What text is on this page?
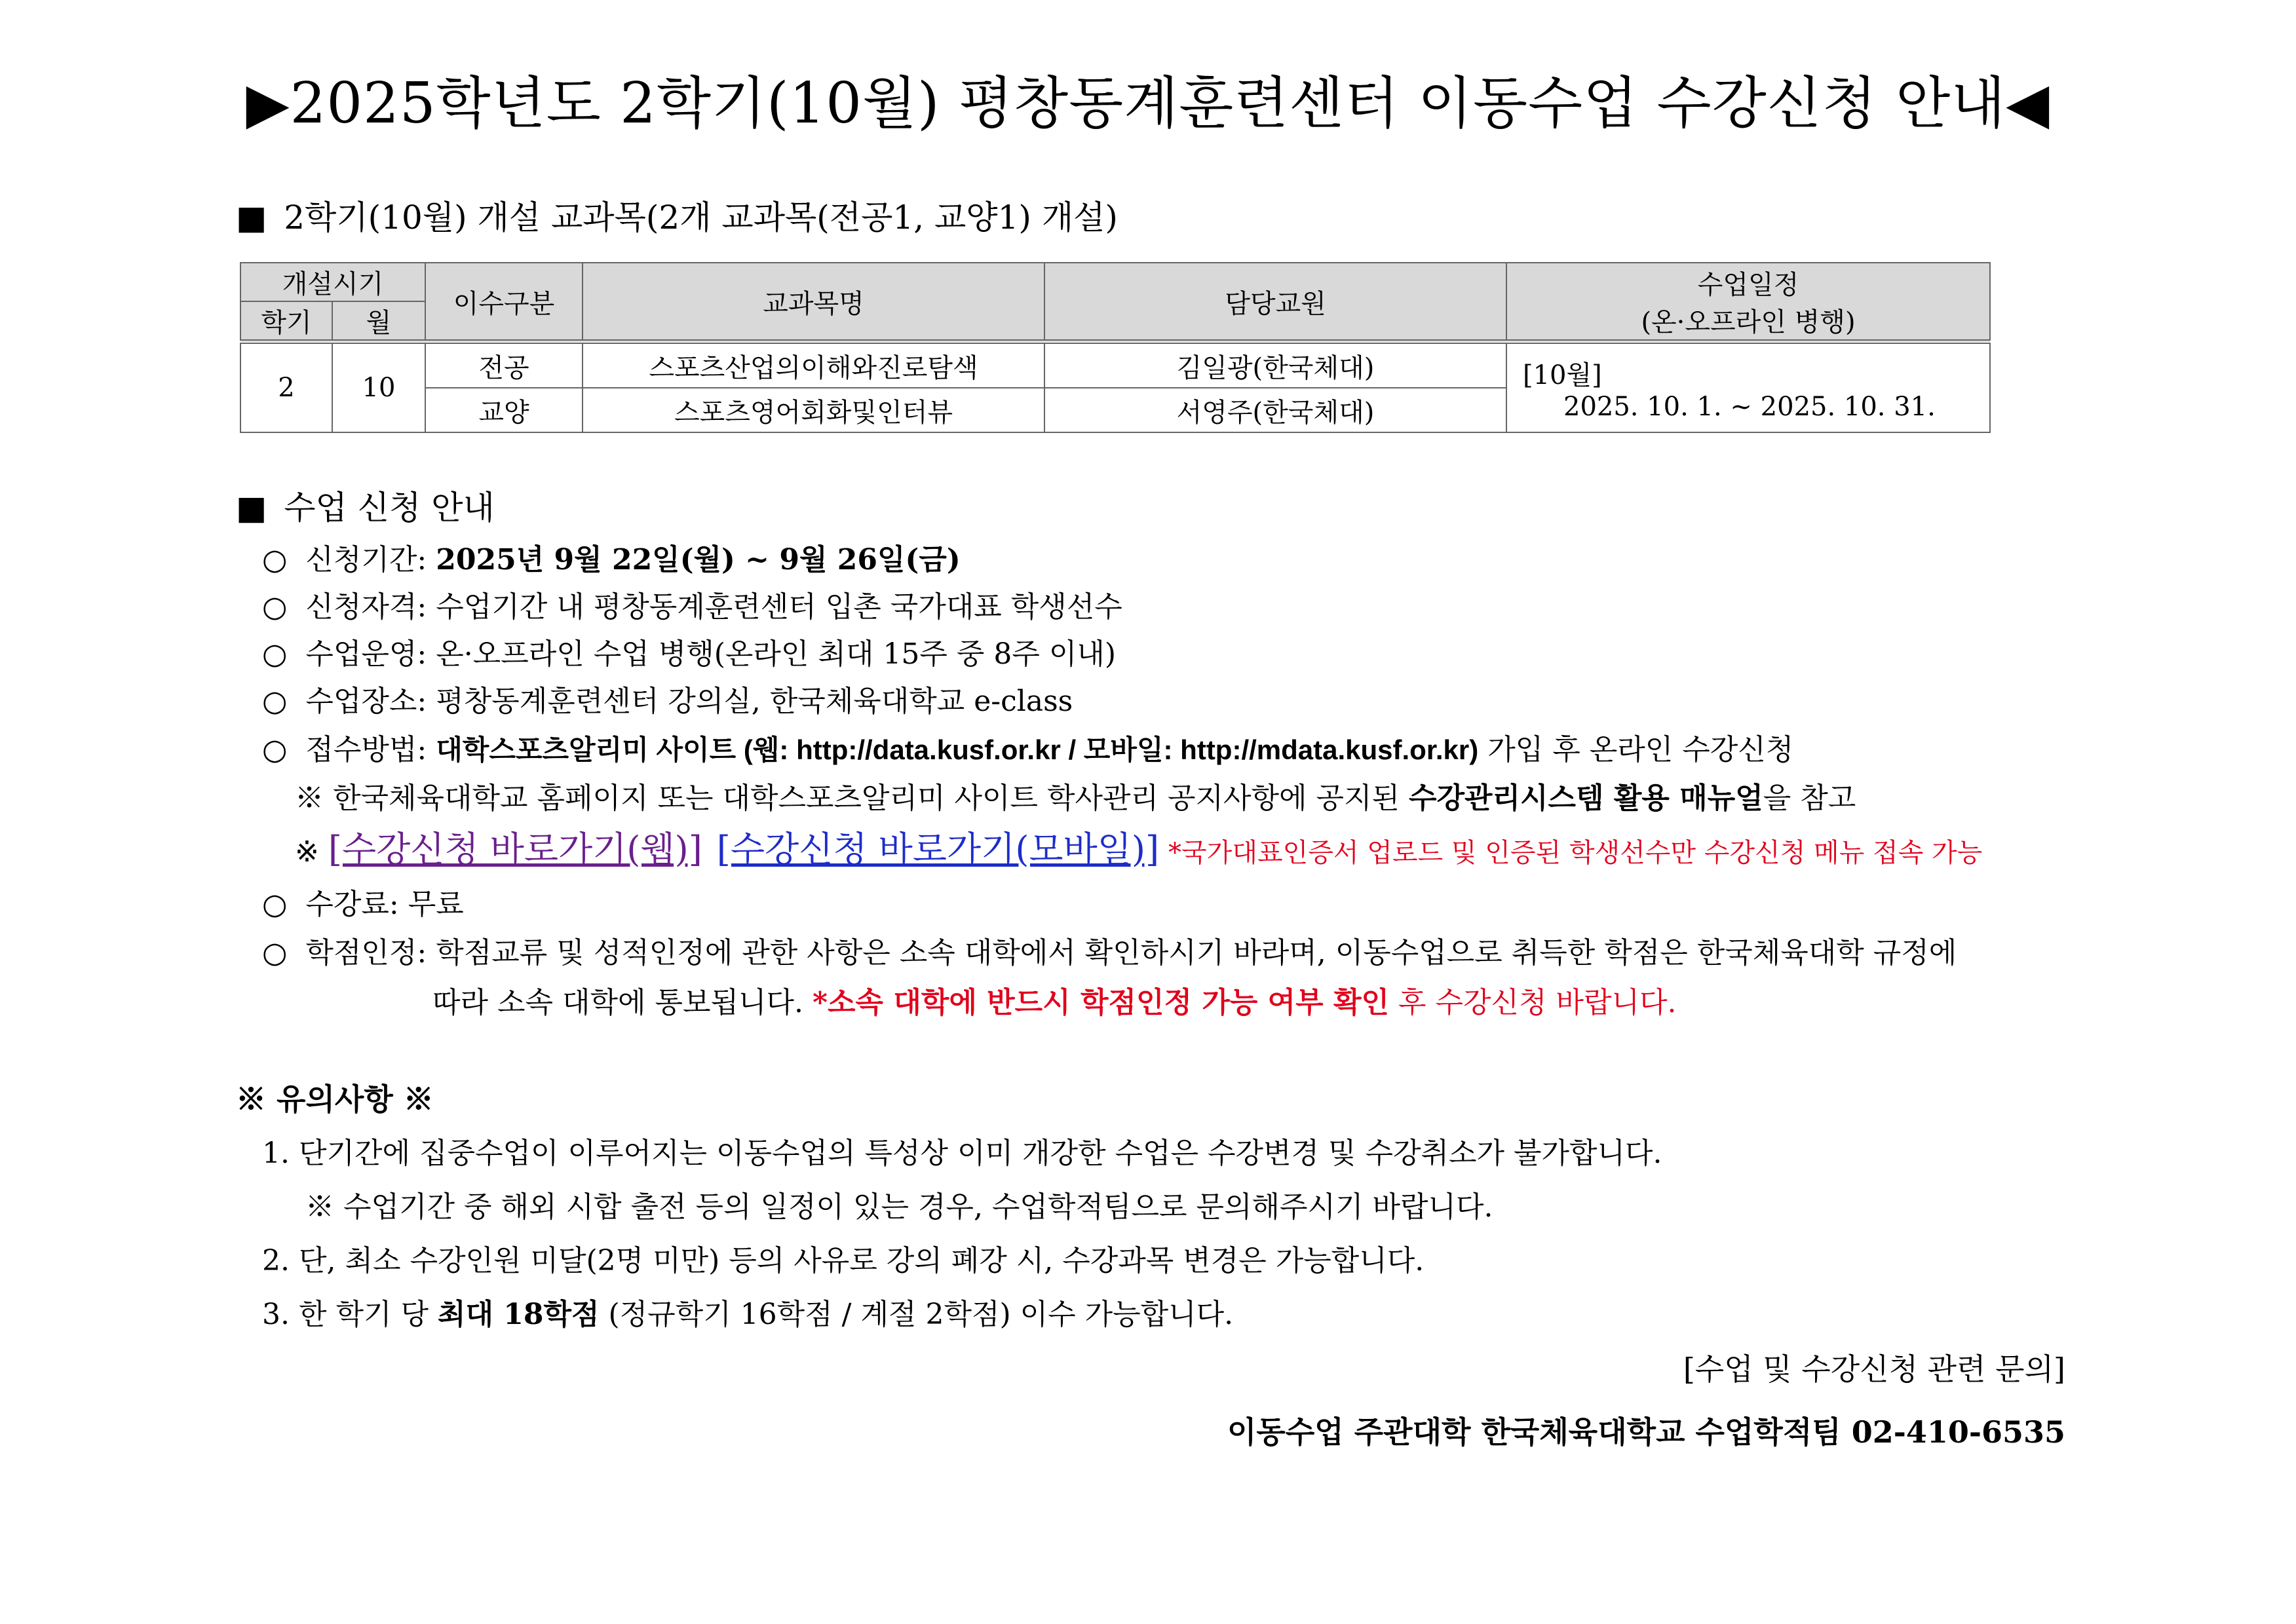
▶2025학년도 2학기(10월) 평창동계훈련센터 이동수업 수강신청 안내◀
■ 2학기(10월) 개설 교과목(2개 교과목(전공1, 교양1) 개설)
개설시기		이수구분	교과목명	담당교원	수업일정
(온·오프라인 병행)

학기	월				
2	10	전공	스포츠산업의이해와진로탐색	김일광(한국체대)	[10월]
2025. 10. 1. ~ 2025. 10. 31.

		교양	스포츠영어회화및인터뷰	서영주(한국체대)	
■ 수업 신청 안내
○ 신청기간: 2025년 9월 22일(월) ~ 9월 26일(금)
○ 신청자격: 수업기간 내 평창동계훈련센터 입촌 국가대표 학생선수
○ 수업운영: 온·오프라인 수업 병행(온라인 최대 15주 중 8주 이내)
○ 수업장소: 평창동계훈련센터 강의실, 한국체육대학교 e-class
○ 접수방법: 대학스포츠알리미 사이트 (웹: http://data.kusf.or.kr / 모바일: http://mdata.kusf.or.kr) 가입 후 온라인 수강신청
※ 한국체육대학교 홈페이지 또는 대학스포츠알리미 사이트 학사관리 공지사항에 공지된 수강관리시스템 활용 매뉴얼을 참고
※ [수강신청 바로가기(웹)] [수강신청 바로가기(모바일)] *국가대표인증서 업로드 및 인증된 학생선수만 수강신청 메뉴 접속 가능
○ 수강료: 무료
○ 학점인정: 학점교류 및 성적인정에 관한 사항은 소속 대학에서 확인하시기 바라며, 이동수업으로 취득한 학점은 한국체육대학 규정에
따라 소속 대학에 통보됩니다. *소속 대학에 반드시 학점인정 가능 여부 확인 후 수강신청 바랍니다.
※ 유의사항 ※
1. 단기간에 집중수업이 이루어지는 이동수업의 특성상 이미 개강한 수업은 수강변경 및 수강취소가 불가합니다.
※ 수업기간 중 해외 시합 출전 등의 일정이 있는 경우, 수업학적팀으로 문의해주시기 바랍니다.
2. 단, 최소 수강인원 미달(2명 미만) 등의 사유로 강의 폐강 시, 수강과목 변경은 가능합니다.
3. 한 학기 당 최대 18학점 (정규학기 16학점 / 계절 2학점) 이수 가능합니다.
[수업 및 수강신청 관련 문의]
이동수업 주관대학 한국체육대학교 수업학적팀 02-410-6535
